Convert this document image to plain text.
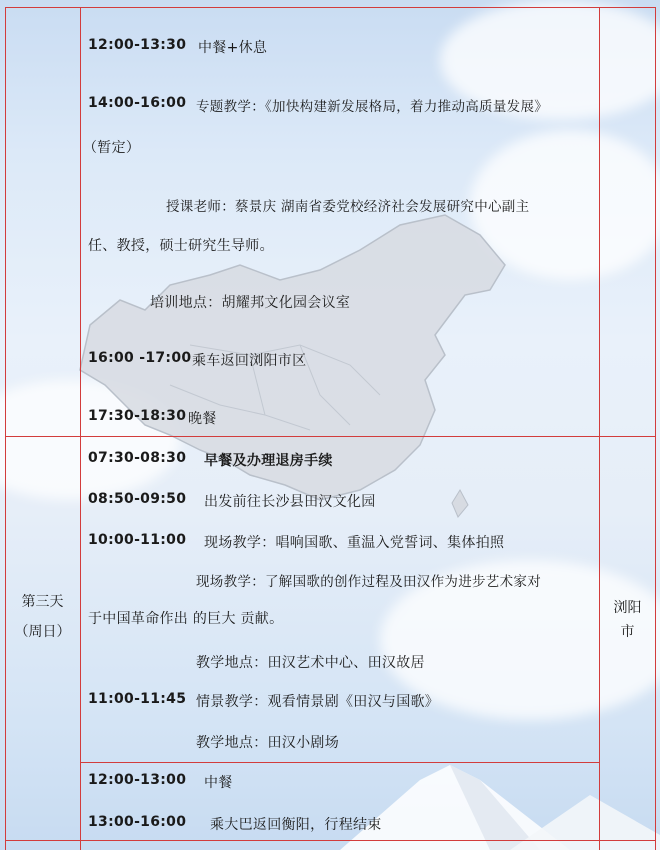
12:00-13:30 中餐+休息
14:00-16:00 专题教学：《加快构建新发展格局，着力推动高质量发展》
（暂定）
授课老师：蔡景庆 湖南省委党校经济社会发展研究中心副主
任、教授，硕士研究生导师。
培训地点：胡耀邦文化园会议室
16:00 -17:00 乘车返回浏阳市区
17:30-18:30 晚餐
第三天
（周日）
浏阳
市
07:30-08:30 早餐及办理退房手续
08:50-09:50 出发前往长沙县田汉文化园
10:00-11:00 现场教学：唱响国歌、重温入党誓词、集体拍照
现场教学：了解国歌的创作过程及田汉作为进步艺术家对
于中国革命作出 的巨大 贡献。
教学地点：田汉艺术中心、田汉故居
11:00-11:45 情景教学：观看情景剧《田汉与国歌》
教学地点：田汉小剧场
12:00-13:00 中餐
13:00-16:00 乘大巴返回衡阳，行程结束
